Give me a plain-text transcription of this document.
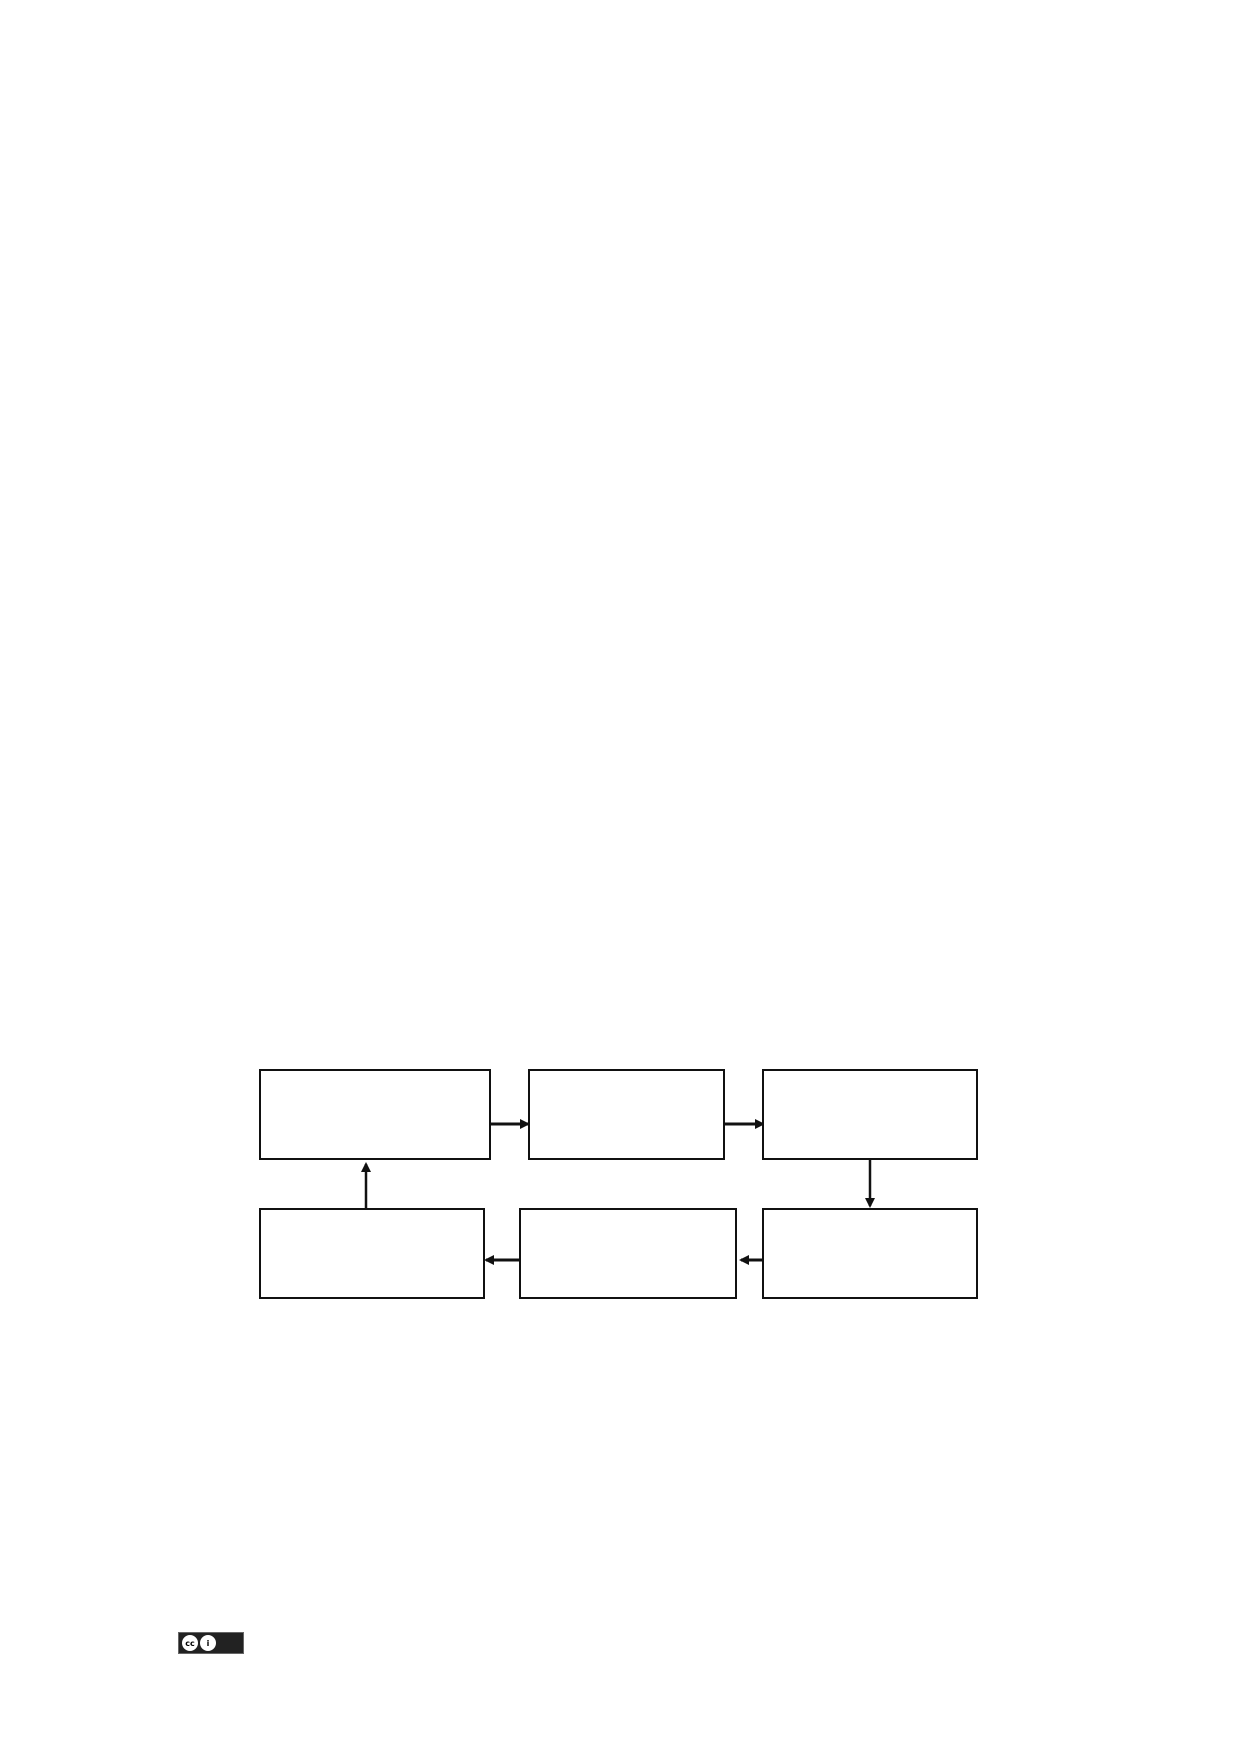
cc	i
